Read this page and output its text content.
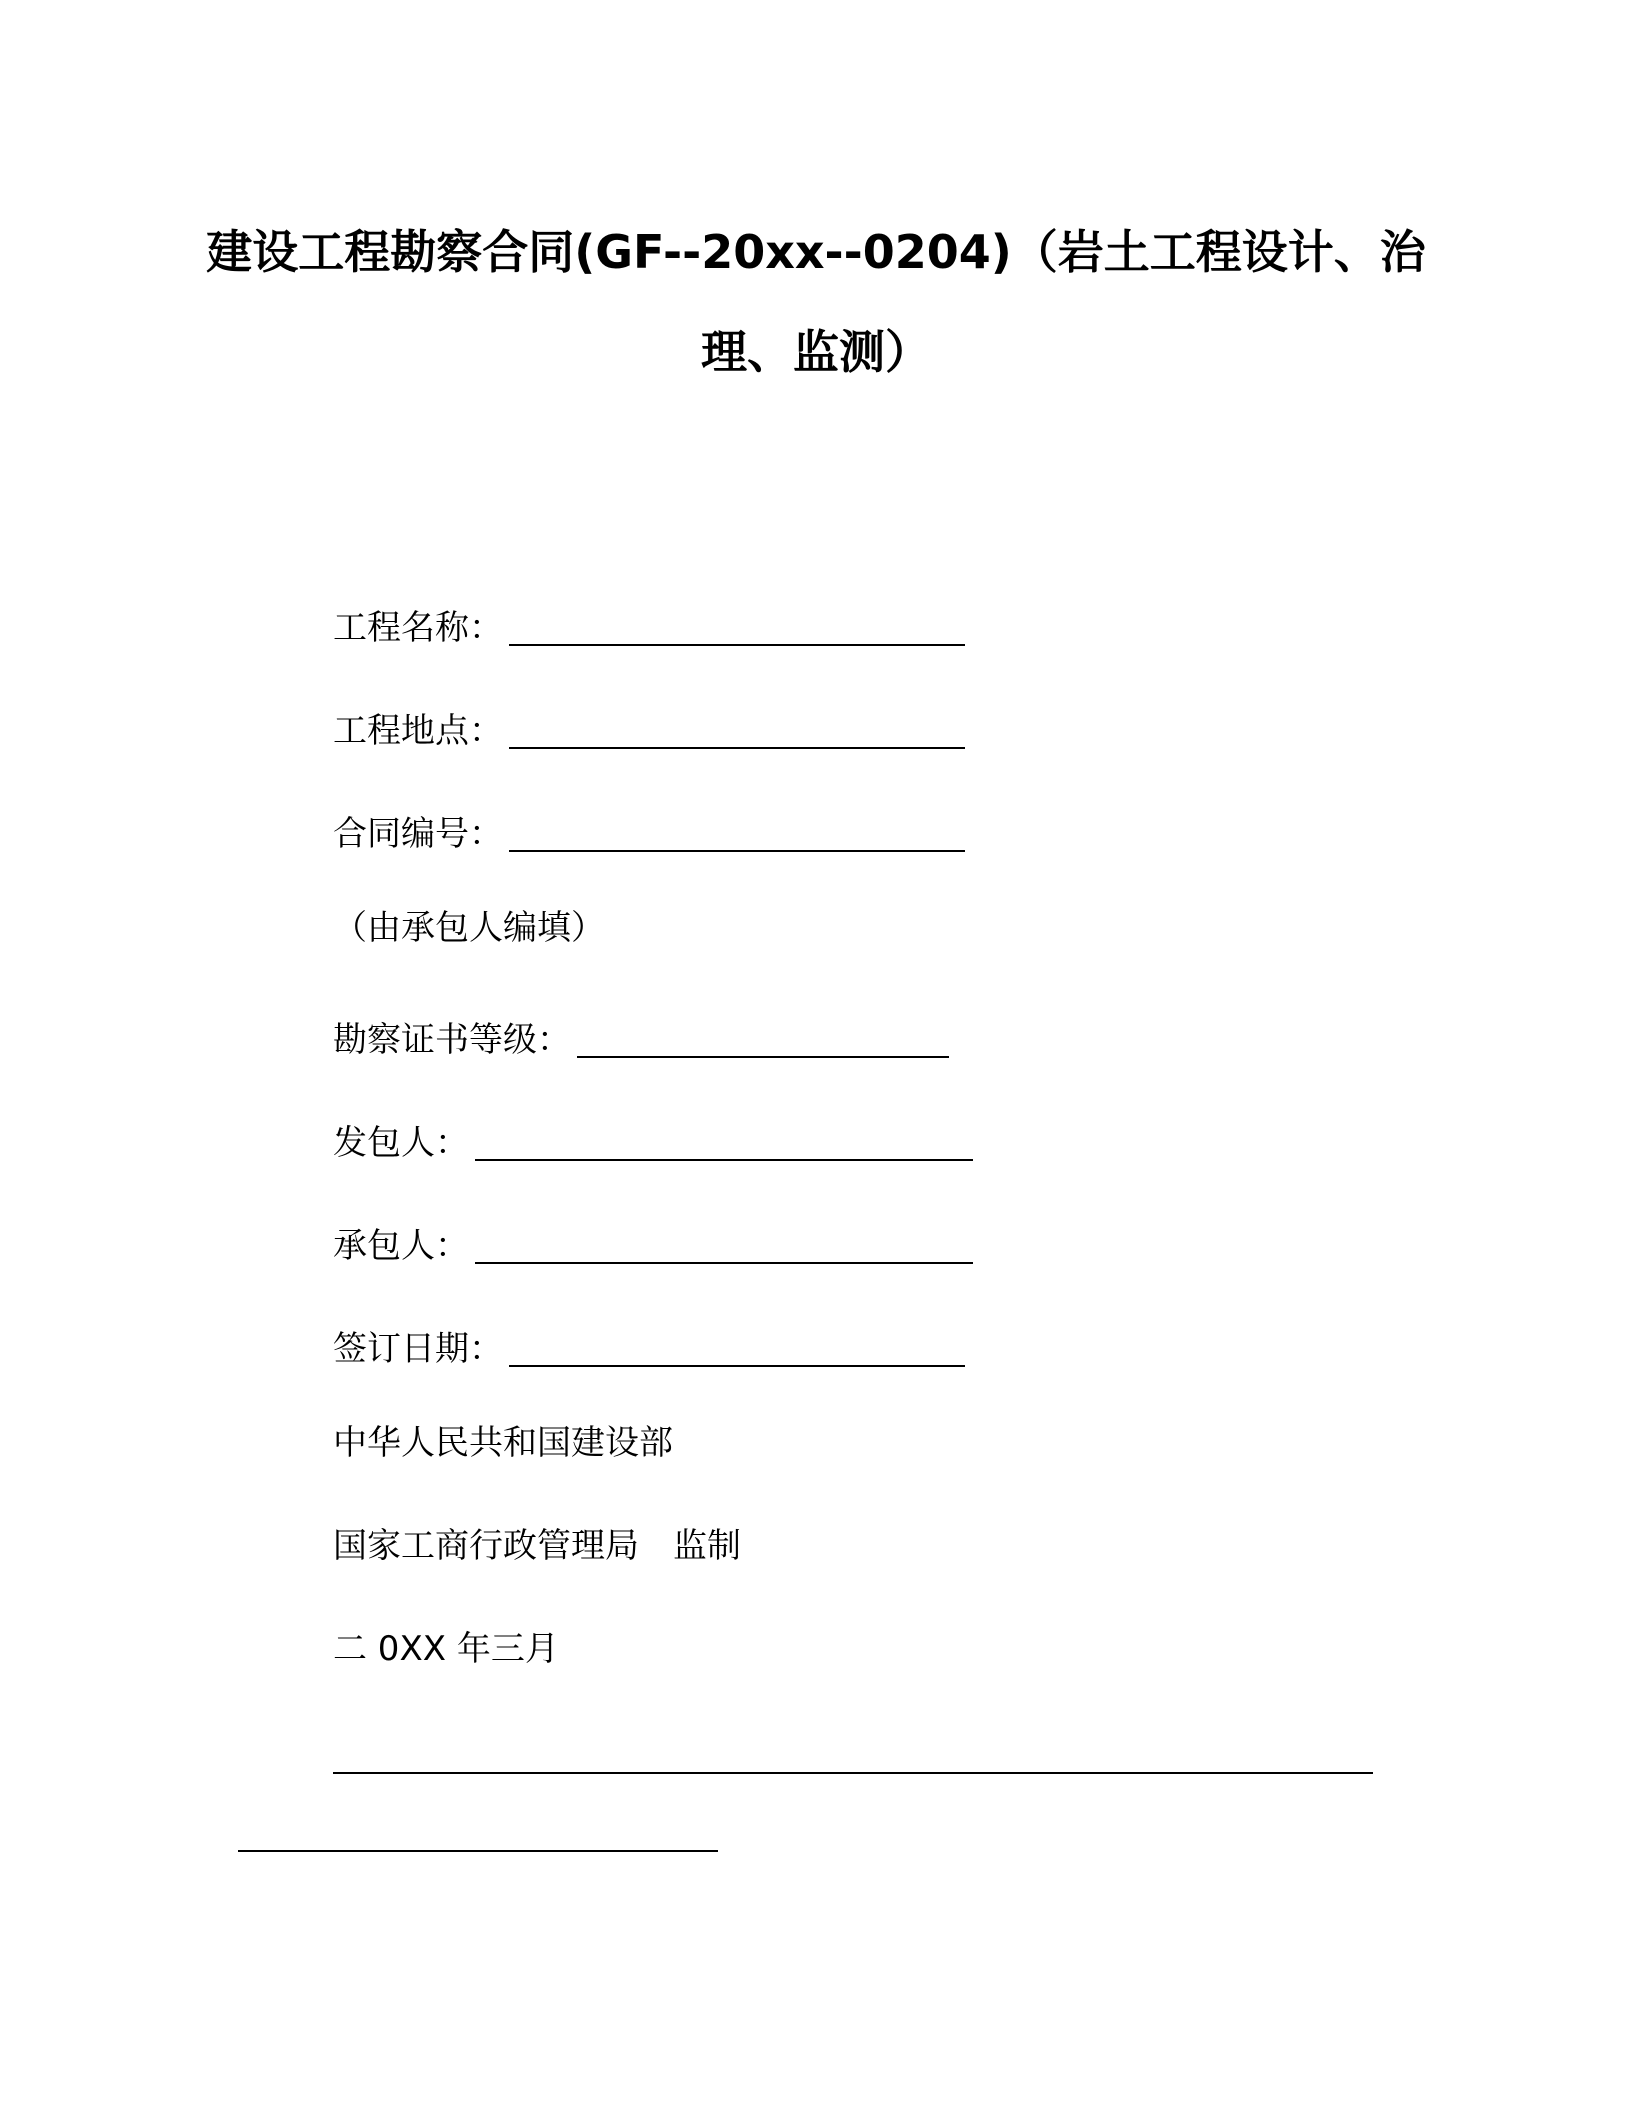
建设工程勘察合同(GF--20xx--0204)（岩土工程设计、治
理、监测）
工程名称：
工程地点：
合同编号：
（由承包人编填）
勘察证书等级：
发包人：
承包人：
签订日期：
中华人民共和国建设部
国家工商行政管理局　监制
二 0XX 年三月
